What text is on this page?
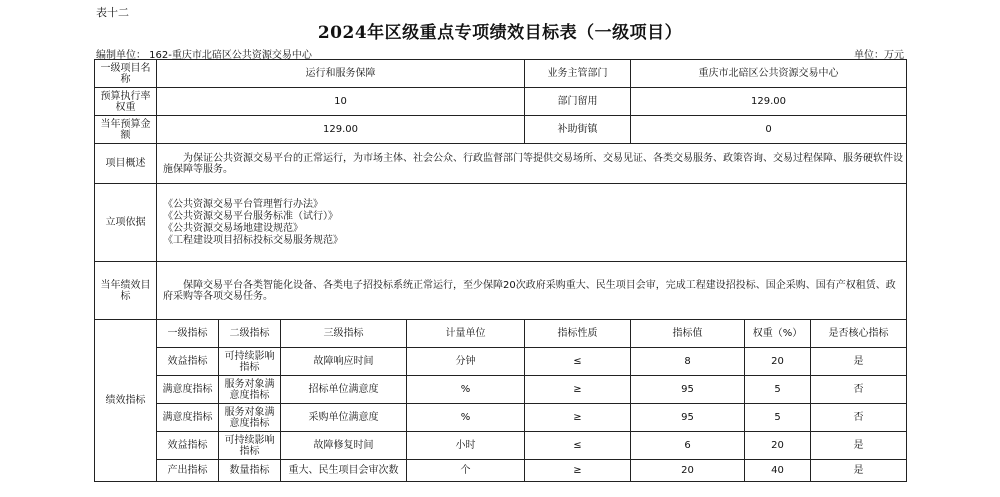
表十二
2024年区级重点专项绩效目标表（一级项目）
编制单位： 162-重庆市北碚区公共资源交易中心	单位：万元
一级项目名称	运行和服务保障				业务主管部门	重庆市北碚区公共资源交易中心		
预算执行率权重	10				部门留用	129.00		
当年预算金额	129.00				补助街镇	0		
项目概述	为保证公共资源交易平台的正常运行，为市场主体、社会公众、行政监督部门等提供交易场所、交易见证、各类交易服务、政策咨询、交易过程保障、服务硬软件设施保障等服务。							
立项依据	《公共资源交易平台管理暂行办法》
《公共资源交易平台服务标准（试行）》
《公共资源交易场地建设规范》
《工程建设项目招标投标交易服务规范》							

当年绩效目标	保障交易平台各类智能化设备、各类电子招投标系统正常运行，至少保障20次政府采购重大、民生项目会审，完成工程建设招投标、国企采购、国有产权租赁、政府采购等各项交易任务。							
绩效指标	一级指标	二级指标	三级指标	计量单位	指标性质	指标值	权重（%）	是否核心指标
	效益指标	可持续影响指标	故障响应时间	分钟	≤	8	20	是
	满意度指标	服务对象满意度指标	招标单位满意度	%	≥	95	5	否
	满意度指标	服务对象满意度指标	采购单位满意度	%	≥	95	5	否
	效益指标	可持续影响指标	故障修复时间	小时	≤	6	20	是
	产出指标	数量指标	重大、民生项目会审次数	个	≥	20	40	是
